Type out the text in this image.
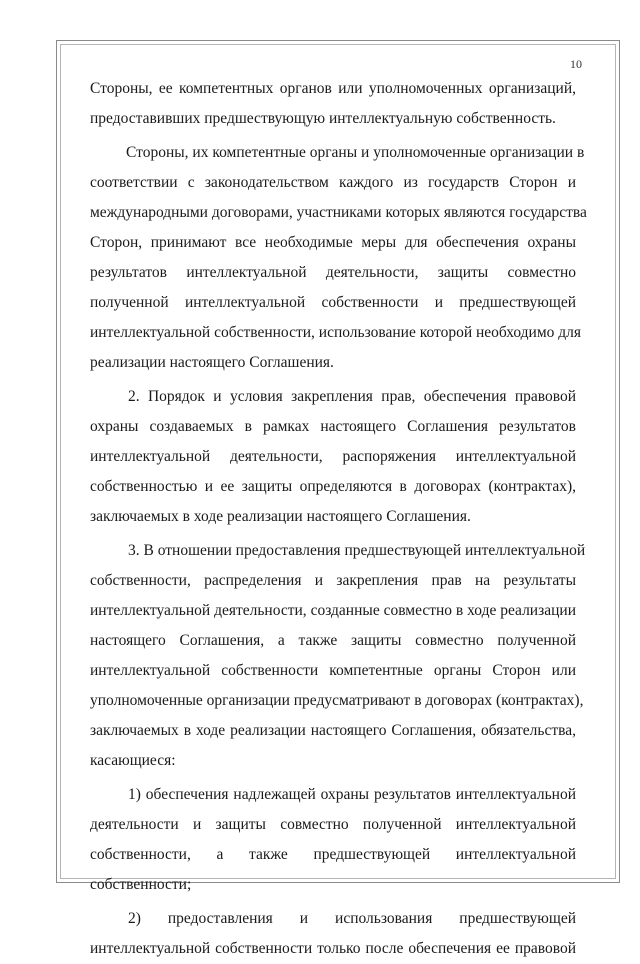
10
Стороны, ее компетентных органов или уполномоченных организаций,
предоставивших предшествующую интеллектуальную собственность.
Стороны, их компетентные органы и уполномоченные организации в
соответствии с законодательством каждого из государств Сторон и
международными договорами, участниками которых являются государства
Сторон, принимают все необходимые меры для обеспечения охраны
результатов интеллектуальной деятельности, защиты совместно
полученной интеллектуальной собственности и предшествующей
интеллектуальной собственности, использование которой необходимо для
реализации настоящего Соглашения.
2. Порядок и условия закрепления прав, обеспечения правовой
охраны создаваемых в рамках настоящего Соглашения результатов
интеллектуальной деятельности, распоряжения интеллектуальной
собственностью и ее защиты определяются в договорах (контрактах),
заключаемых в ходе реализации настоящего Соглашения.
3. В отношении предоставления предшествующей интеллектуальной
собственности, распределения и закрепления прав на результаты
интеллектуальной деятельности, созданные совместно в ходе реализации
настоящего Соглашения, а также защиты совместно полученной
интеллектуальной собственности компетентные органы Сторон или
уполномоченные организации предусматривают в договорах (контрактах),
заключаемых в ходе реализации настоящего Соглашения, обязательства,
касающиеся:
1) обеспечения надлежащей охраны результатов интеллектуальной
деятельности и защиты совместно полученной интеллектуальной
собственности, а также предшествующей интеллектуальной
собственности;
2) предоставления и использования предшествующей
интеллектуальной собственности только после обеспечения ее правовой
